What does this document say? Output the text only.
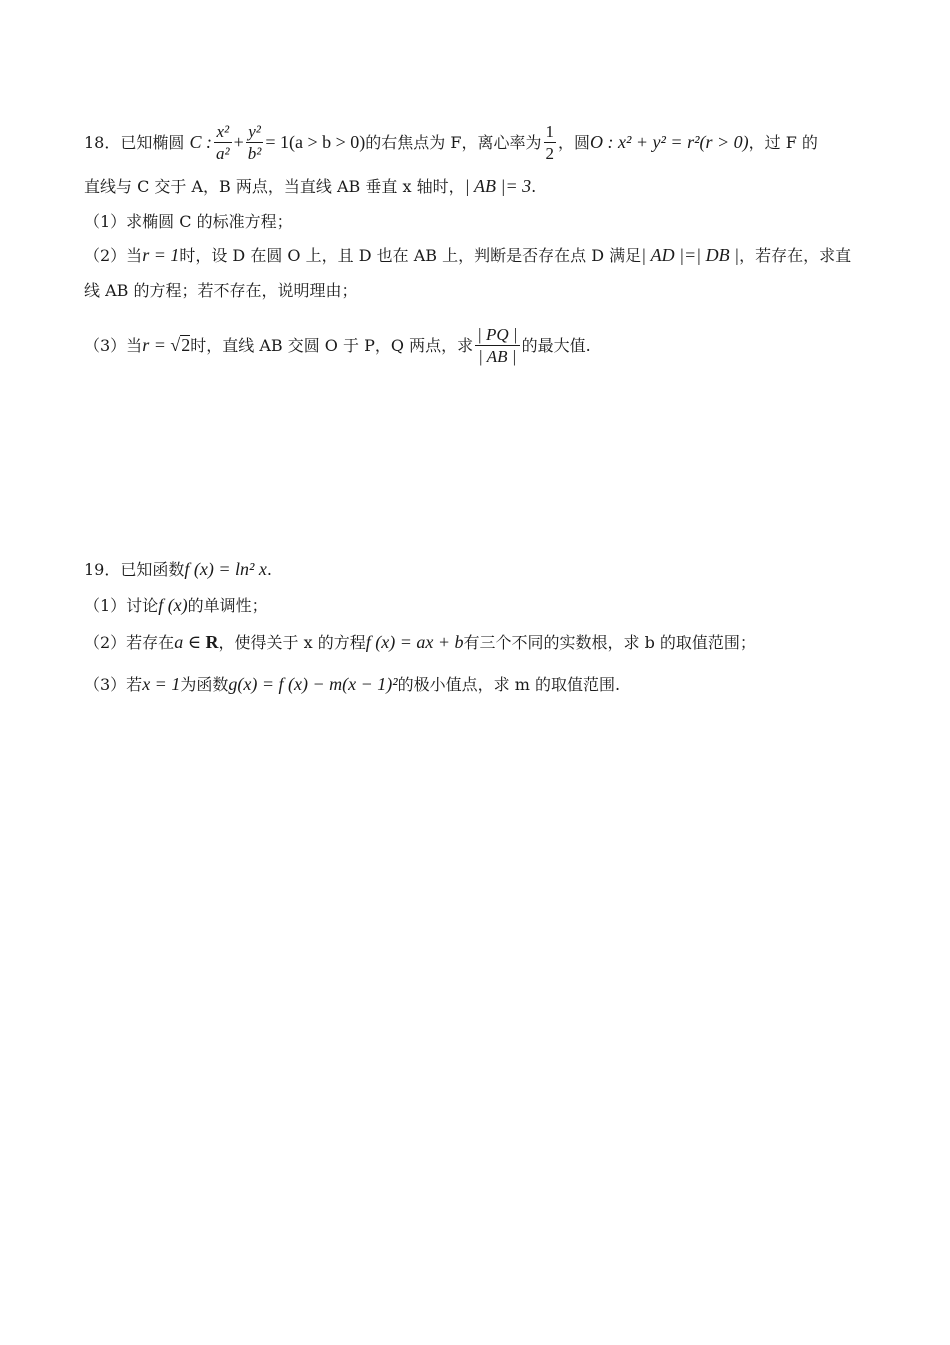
18．已知椭圆 C : $\frac{\text{x²}}{\text{a²}} + \frac{\text{y²}}{\text{b²}} = 1(a > b > 0)$的右焦点为 F，离心率为 $\frac{1}{2}$ ，圆O : x² + y² = r²(r > 0)，过 F 的
直线与 C 交于 A，B 两点，当直线 AB 垂直 x 轴时，| AB |= 3.
（1）求椭圆 C 的标准方程；
（2）当r = 1时，设 D 在圆 O 上，且 D 也在 AB 上，判断是否存在点 D 满足| AD |=| DB |，若存在，求直
线 AB 的方程；若不存在，说明理由；
（3）当r = √2时，直线 AB 交圆 O 于 P，Q 两点，求 $\frac{| PQ |}{| AB |}$ 的最大值.
19．已知函数f (x) = ln² x.
（1）讨论f (x)的单调性；
（2）若存在a ∈ R，使得关于 x 的方程f (x) = ax + b有三个不同的实数根，求 b 的取值范围；
（3）若x = 1为函数g(x) = f (x) − m(x − 1)²的极小值点，求 m 的取值范围.
